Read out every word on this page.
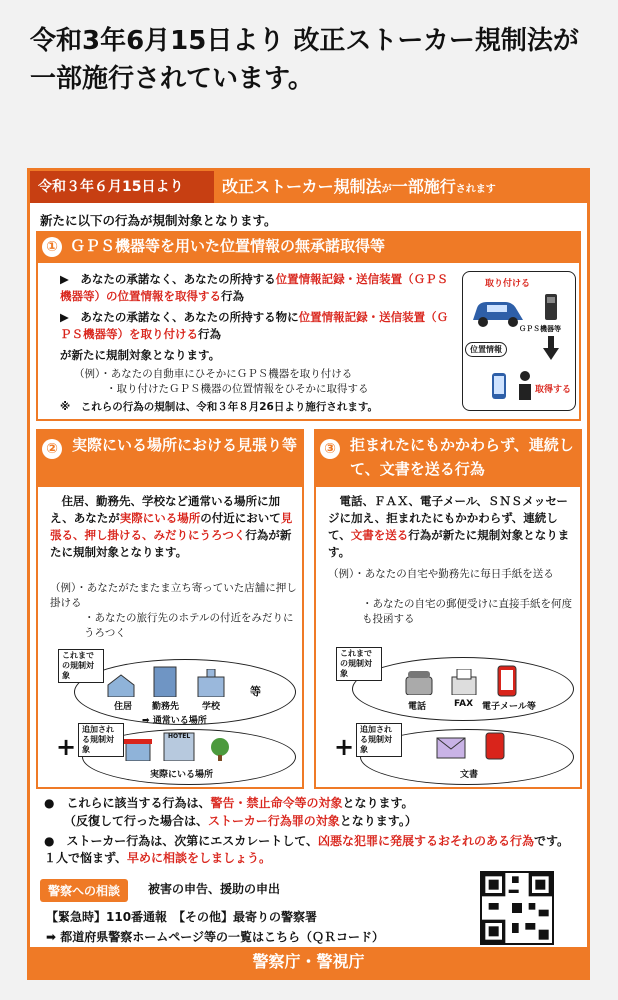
令和3年6月15日より 改正ストーカー規制法が一部施行されています。
令和３年６月15日より	改正ストーカー規制法が一部施行されます
新たに以下の行為が規制対象となります。
① ＧＰＳ機器等を用いた位置情報の無承諾取得等
▶　あなたの承諾なく、あなたの所持する位置情報記録・送信装置（ＧＰＳ機器等）の位置情報を取得する行為
▶　あなたの承諾なく、あなたの所持する物に位置情報記録・送信装置（ＧＰＳ機器等）を取り付ける行為
が新たに規制対象となります。
（例）・あなたの自動車にひそかにＧＰＳ機器を取り付ける
・取り付けたＧＰＳ機器の位置情報をひそかに取得する
※　これらの行為の規制は、令和３年８月26日より施行されます。
取り付ける
ＧＰＳ機器等
位置情報
取得する
② 実際にいる場所における見張り等
住居、勤務先、学校など通常いる場所に加え、あなたが実際にいる場所の付近において見張る、押し掛ける、みだりにうろつく行為が新たに規制対象となります。
（例）・あなたがたまたま立ち寄っていた店舗に押し掛ける
・あなたの旅行先のホテルの付近をみだりにうろつく
これまでの規制対象
住居 勤務先	学校
等
➡ 通常いる場所
+
追加される規制対象
HOTEL
実際にいる場所
③ 拒まれたにもかかわらず、連続して、文書を送る行為
電話、ＦＡＸ、電子メール、ＳＮＳメッセージに加え、拒まれたにもかかわらず、連続して、文書を送る行為が新たに規制対象となります。
（例）・あなたの自宅や勤務先に毎日手紙を送る
・あなたの自宅の郵便受けに直接手紙を何度も投函する
これまでの規制対象
電話	FAX 電子メール等
+
追加される規制対象
文書
●　これらに該当する行為は、警告・禁止命令等の対象となります。
（反復して行った場合は、ストーカー行為罪の対象となります。）
●　ストーカー行為は、次第にエスカレートして、凶悪な犯罪に発展するおそれのある行為です。１人で悩まず、早めに相談をしましょう。
警察への相談	被害の申告、援助の申出
【緊急時】110番通報　【その他】最寄りの警察署
➡ 都道府県警察ホームページ等の一覧はこちら（ＱＲコード）
警察庁・警視庁
